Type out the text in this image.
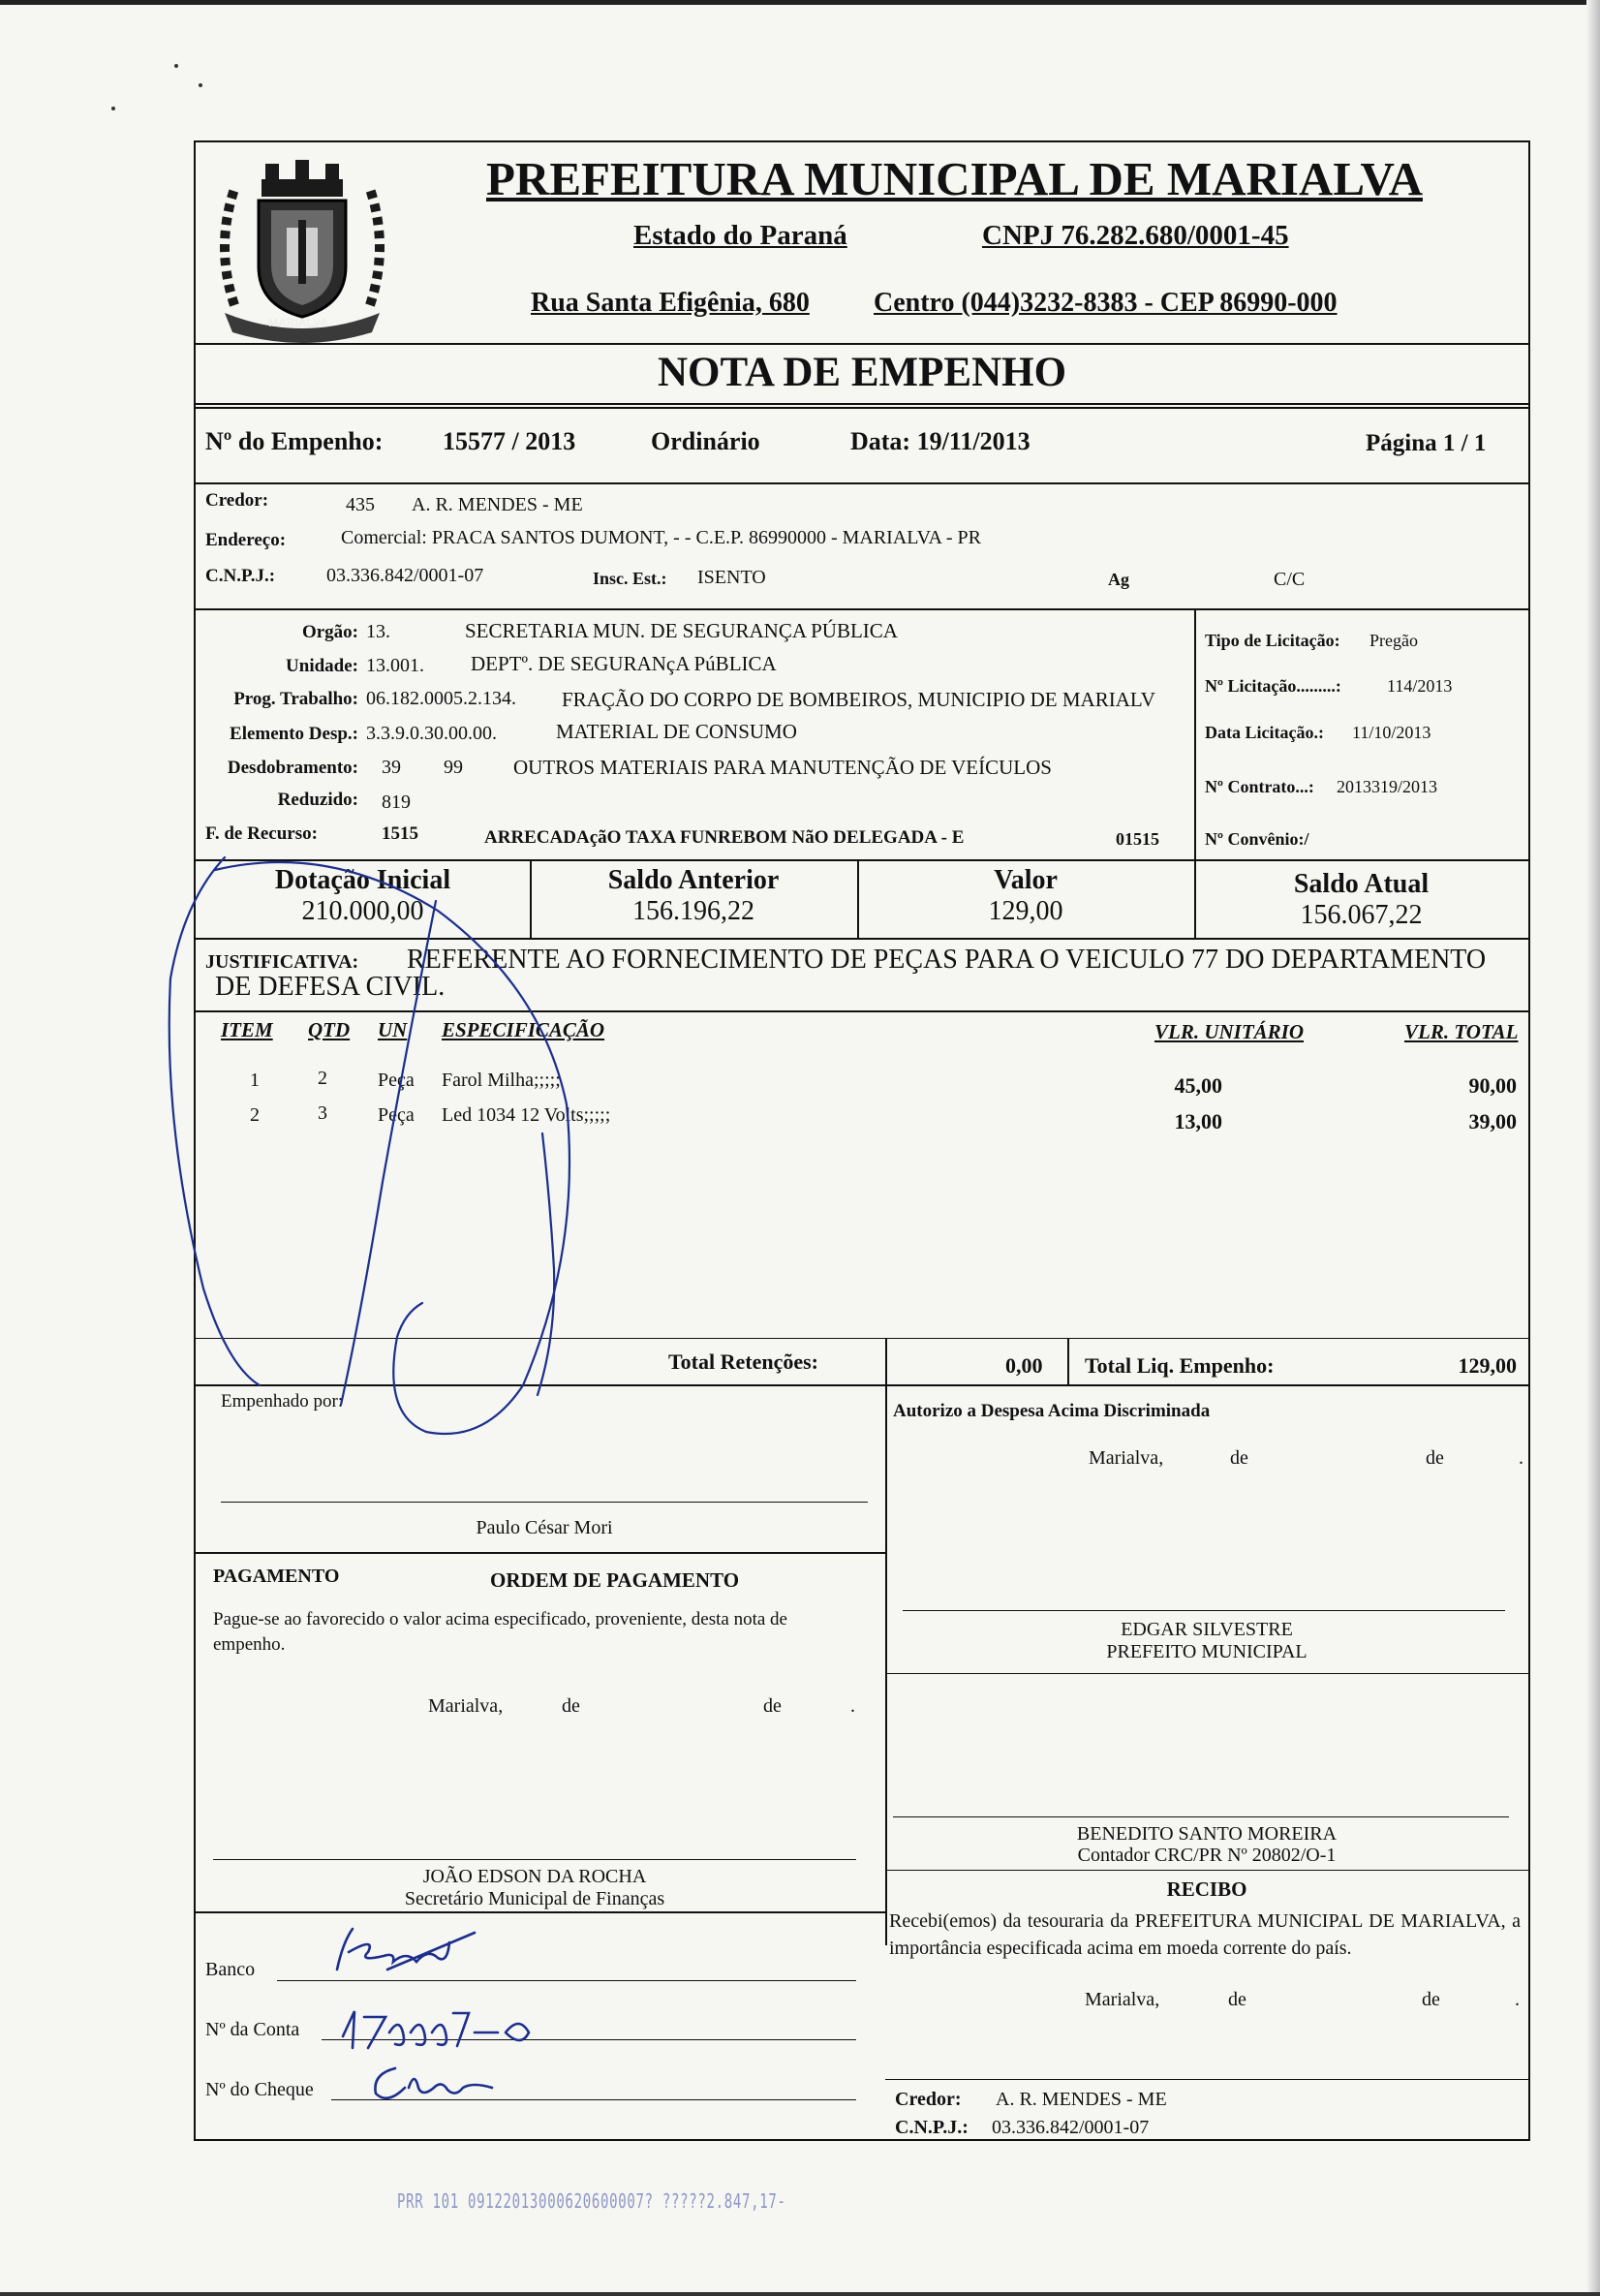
MARIALVA
PREFEITURA MUNICIPAL DE MARIALVA
Estado do Paraná	CNPJ 76.282.680/0001-45
Rua Santa Efigênia, 680 Centro (044)3232-8383 - CEP 86990-000
NOTA DE EMPENHO
Nº do Empenho: 15577 / 2013	Ordinário	Data: 19/11/2013	Página 1 / 1
Credor:	435 A. R. MENDES - ME
Endereço:	Comercial: PRACA SANTOS DUMONT, - - C.E.P. 86990000 - MARIALVA - PR
C.N.P.J.:	03.336.842/0001-07	Insc. Est.: ISENTO	Ag	C/C
Orgão: 13.	SECRETARIA MUN. DE SEGURANÇA PÚBLICA
Unidade: 13.001. DEPTº. DE SEGURANçA PúBLICA
Prog. Trabalho: 06.182.0005.2.134. FRAÇÃO DO CORPO DE BOMBEIROS, MUNICIPIO DE MARIALV
Elemento Desp.: 3.3.9.0.30.00.00.	MATERIAL DE CONSUMO
Desdobramento: 39 99 OUTROS MATERIAIS PARA MANUTENÇÃO DE VEÍCULOS
Reduzido: 819
F. de Recurso:	1515	ARRECADAçãO TAXA FUNREBOM NãO DELEGADA - E	01515
Tipo de Licitação: Pregão
Nº Licitação.........:	114/2013
Data Licitação.: 11/10/2013
Nº Contrato...: 2013319/2013
Nº Convênio:/
Dotação Inicial
210.000,00
Saldo Anterior
156.196,22
Valor
129,00
Saldo Atual
156.067,22
JUSTIFICATIVA: REFERENTE AO FORNECIMENTO DE PEÇAS PARA O VEICULO 77 DO DEPARTAMENTO
DE DEFESA CIVIL.
ITEM QTD UN ESPECIFICAÇÃO	VLR. UNITÁRIO	VLR. TOTAL
1	2	Peça Farol Milha;;;;;	45,00	90,00
2	3	Peça Led 1034 12 Volts;;;;;	13,00	39,00
Total Retenções:	0,00 Total Liq. Empenho:	129,00
Empenhado por:
Paulo César Mori
Autorizo a Despesa Acima Discriminada
Marialva,	de	de	.
PAGAMENTO	ORDEM DE PAGAMENTO
Pague-se ao favorecido o valor acima especificado, proveniente, desta nota de empenho.
Marialva,	de	de	.
EDGAR SILVESTRE
PREFEITO MUNICIPAL
BENEDITO SANTO MOREIRA
Contador CRC/PR Nº 20802/O-1
JOÃO EDSON DA ROCHA
Secretário Municipal de Finanças	RECIBO
Recebi(emos) da tesouraria da PREFEITURA MUNICIPAL DE MARIALVA, a importância especificada acima em moeda corrente do país.
Marialva,	de	de	.
Banco
Nº da Conta
Nº do Cheque	Credor: A. R. MENDES - ME
C.N.P.J.: 03.336.842/0001-07
PRR 101 09122013000620600007? ?????2.847,17-
